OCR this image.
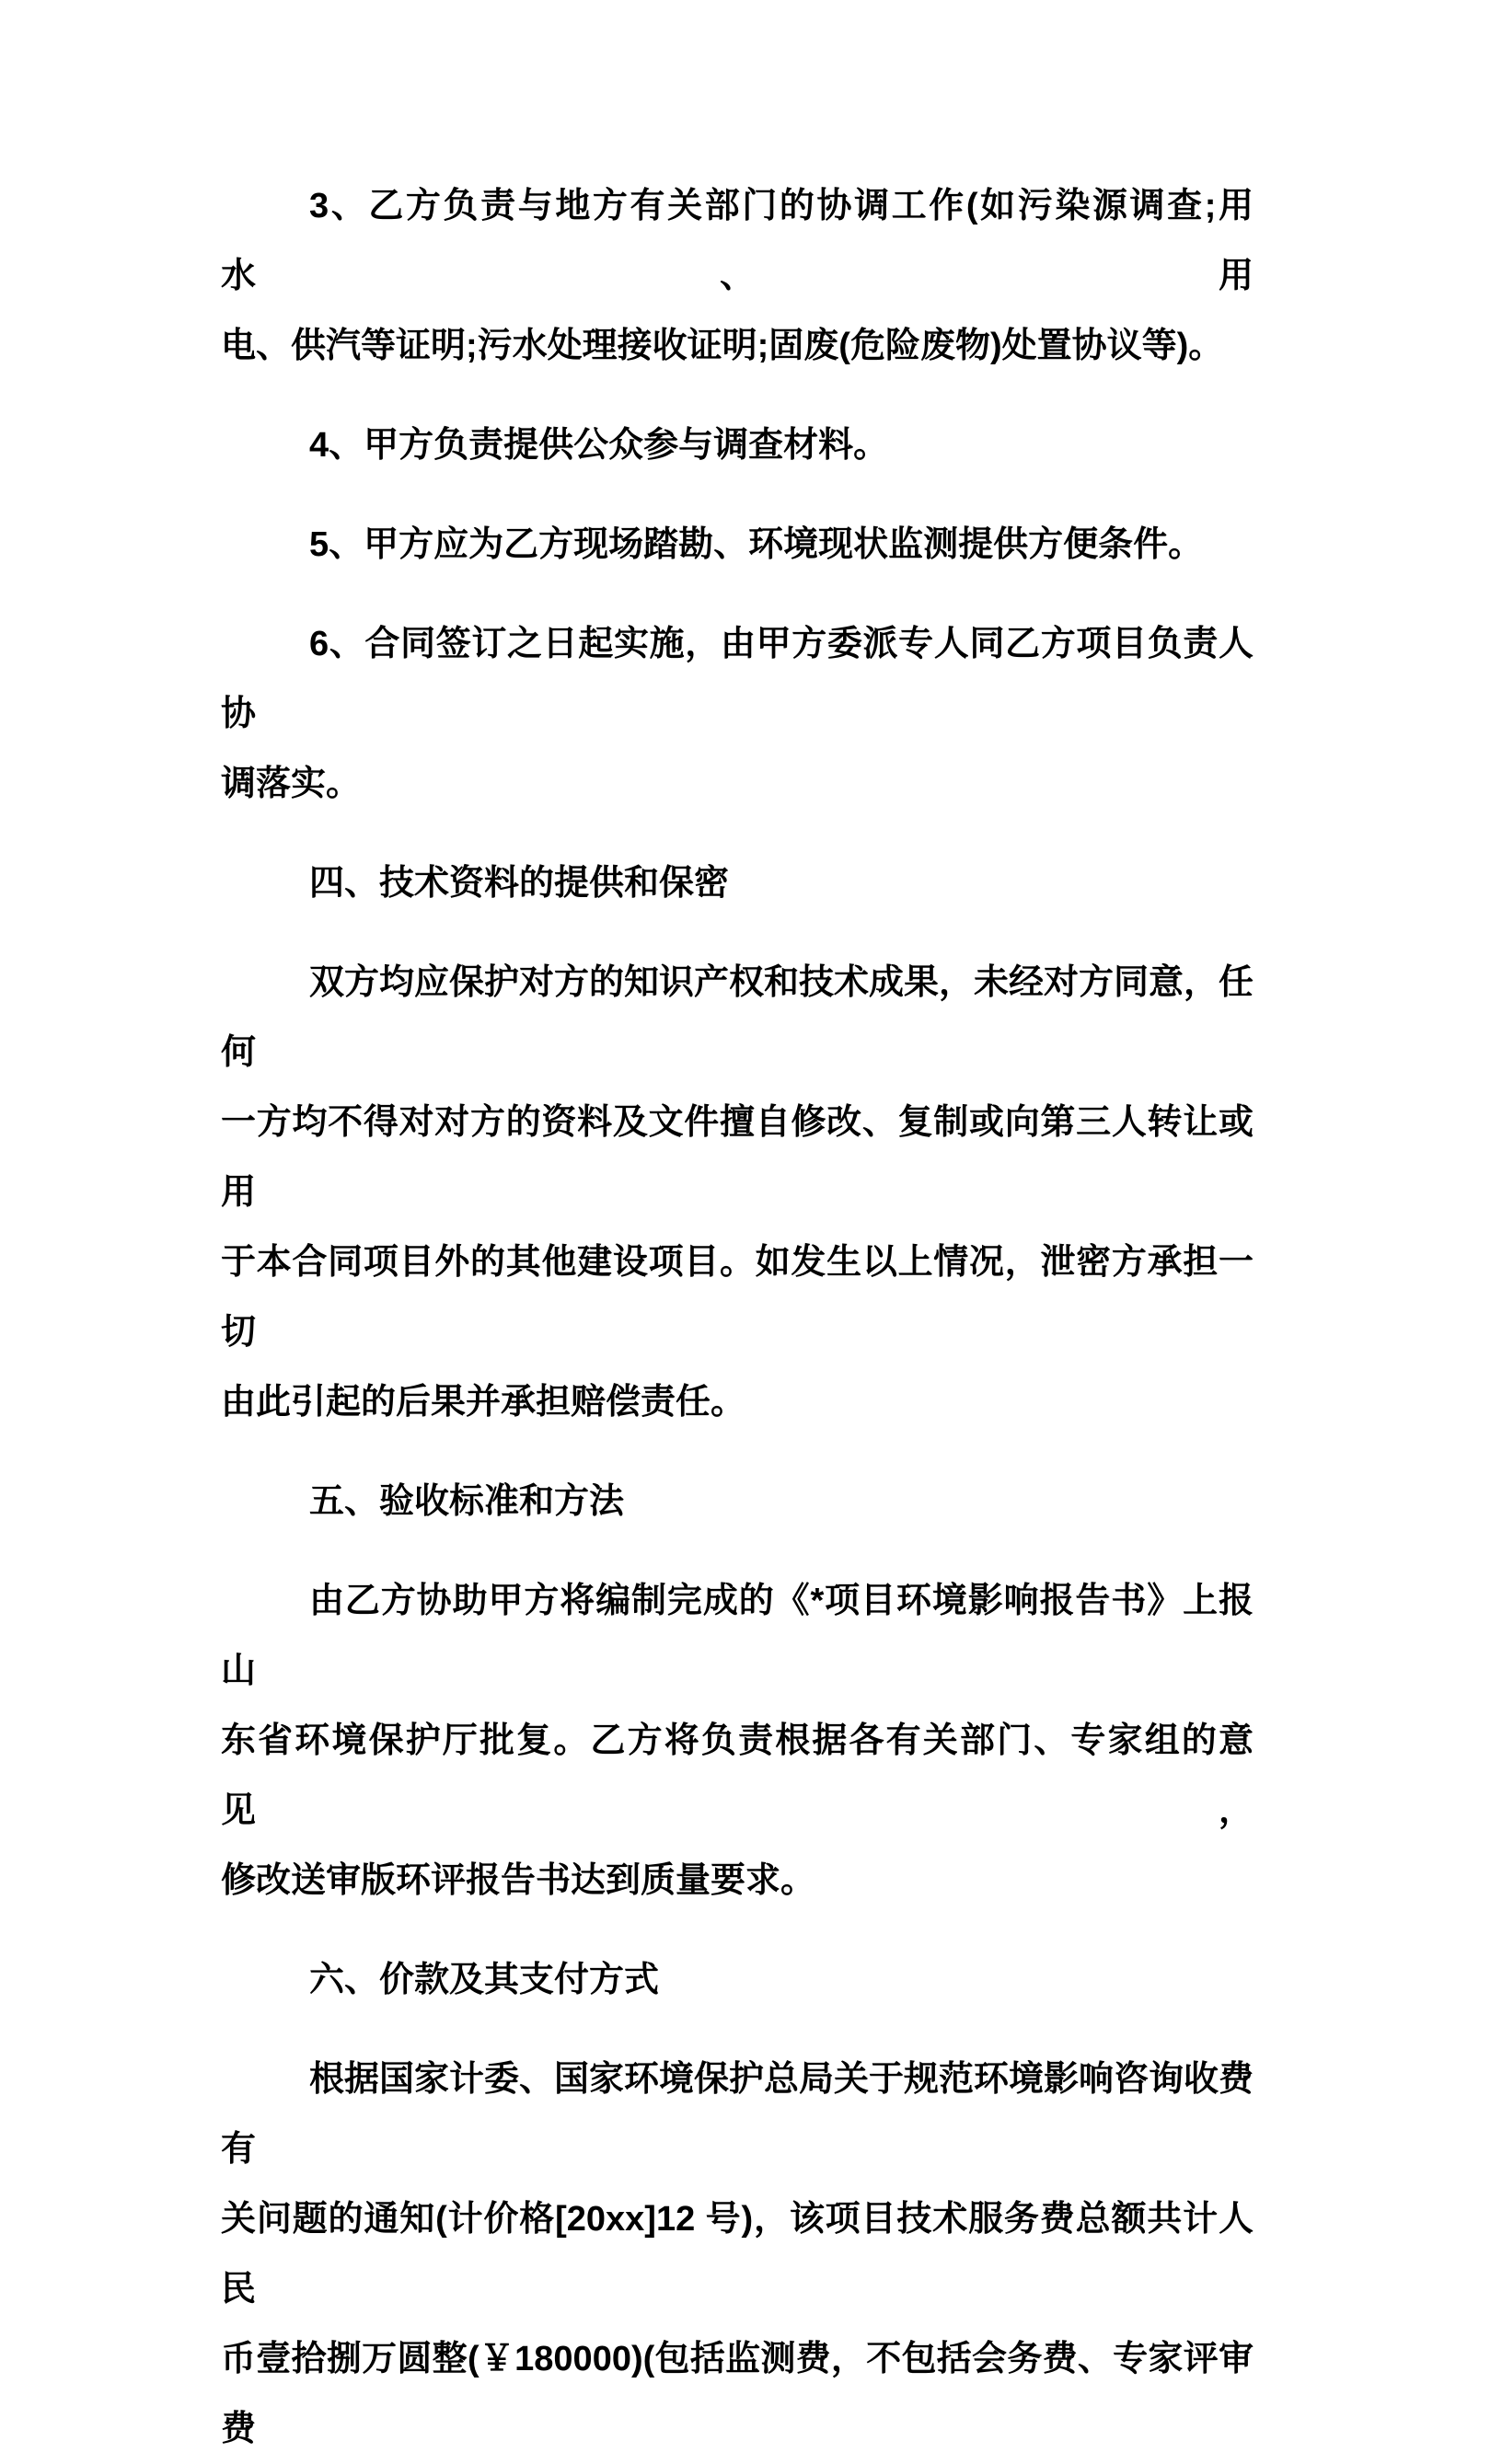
3、乙方负责与地方有关部门的协调工作(如污染源调查;用水、用
电、供汽等证明;污水处理接收证明;固废(危险废物)处置协议等)。
4、甲方负责提供公众参与调查材料。
5、甲方应为乙方现场踏勘、环境现状监测提供方便条件。
6、合同签订之日起实施，由甲方委派专人同乙方项目负责人协
调落实。
四、技术资料的提供和保密
双方均应保护对方的知识产权和技术成果，未经对方同意，任何
一方均不得对对方的资料及文件擅自修改、复制或向第三人转让或用
于本合同项目外的其他建设项目。如发生以上情况，泄密方承担一切
由此引起的后果并承担赔偿责任。
五、验收标准和方法
由乙方协助甲方将编制完成的《*项目环境影响报告书》上报山
东省环境保护厅批复。乙方将负责根据各有关部门、专家组的意见，
修改送审版环评报告书达到质量要求。
六、价款及其支付方式
根据国家计委、国家环境保护总局关于规范环境影响咨询收费有
关问题的通知(计价格[20xx]12 号)，该项目技术服务费总额共计人民
币壹拾捌万圆整(￥180000)(包括监测费，不包括会务费、专家评审费
